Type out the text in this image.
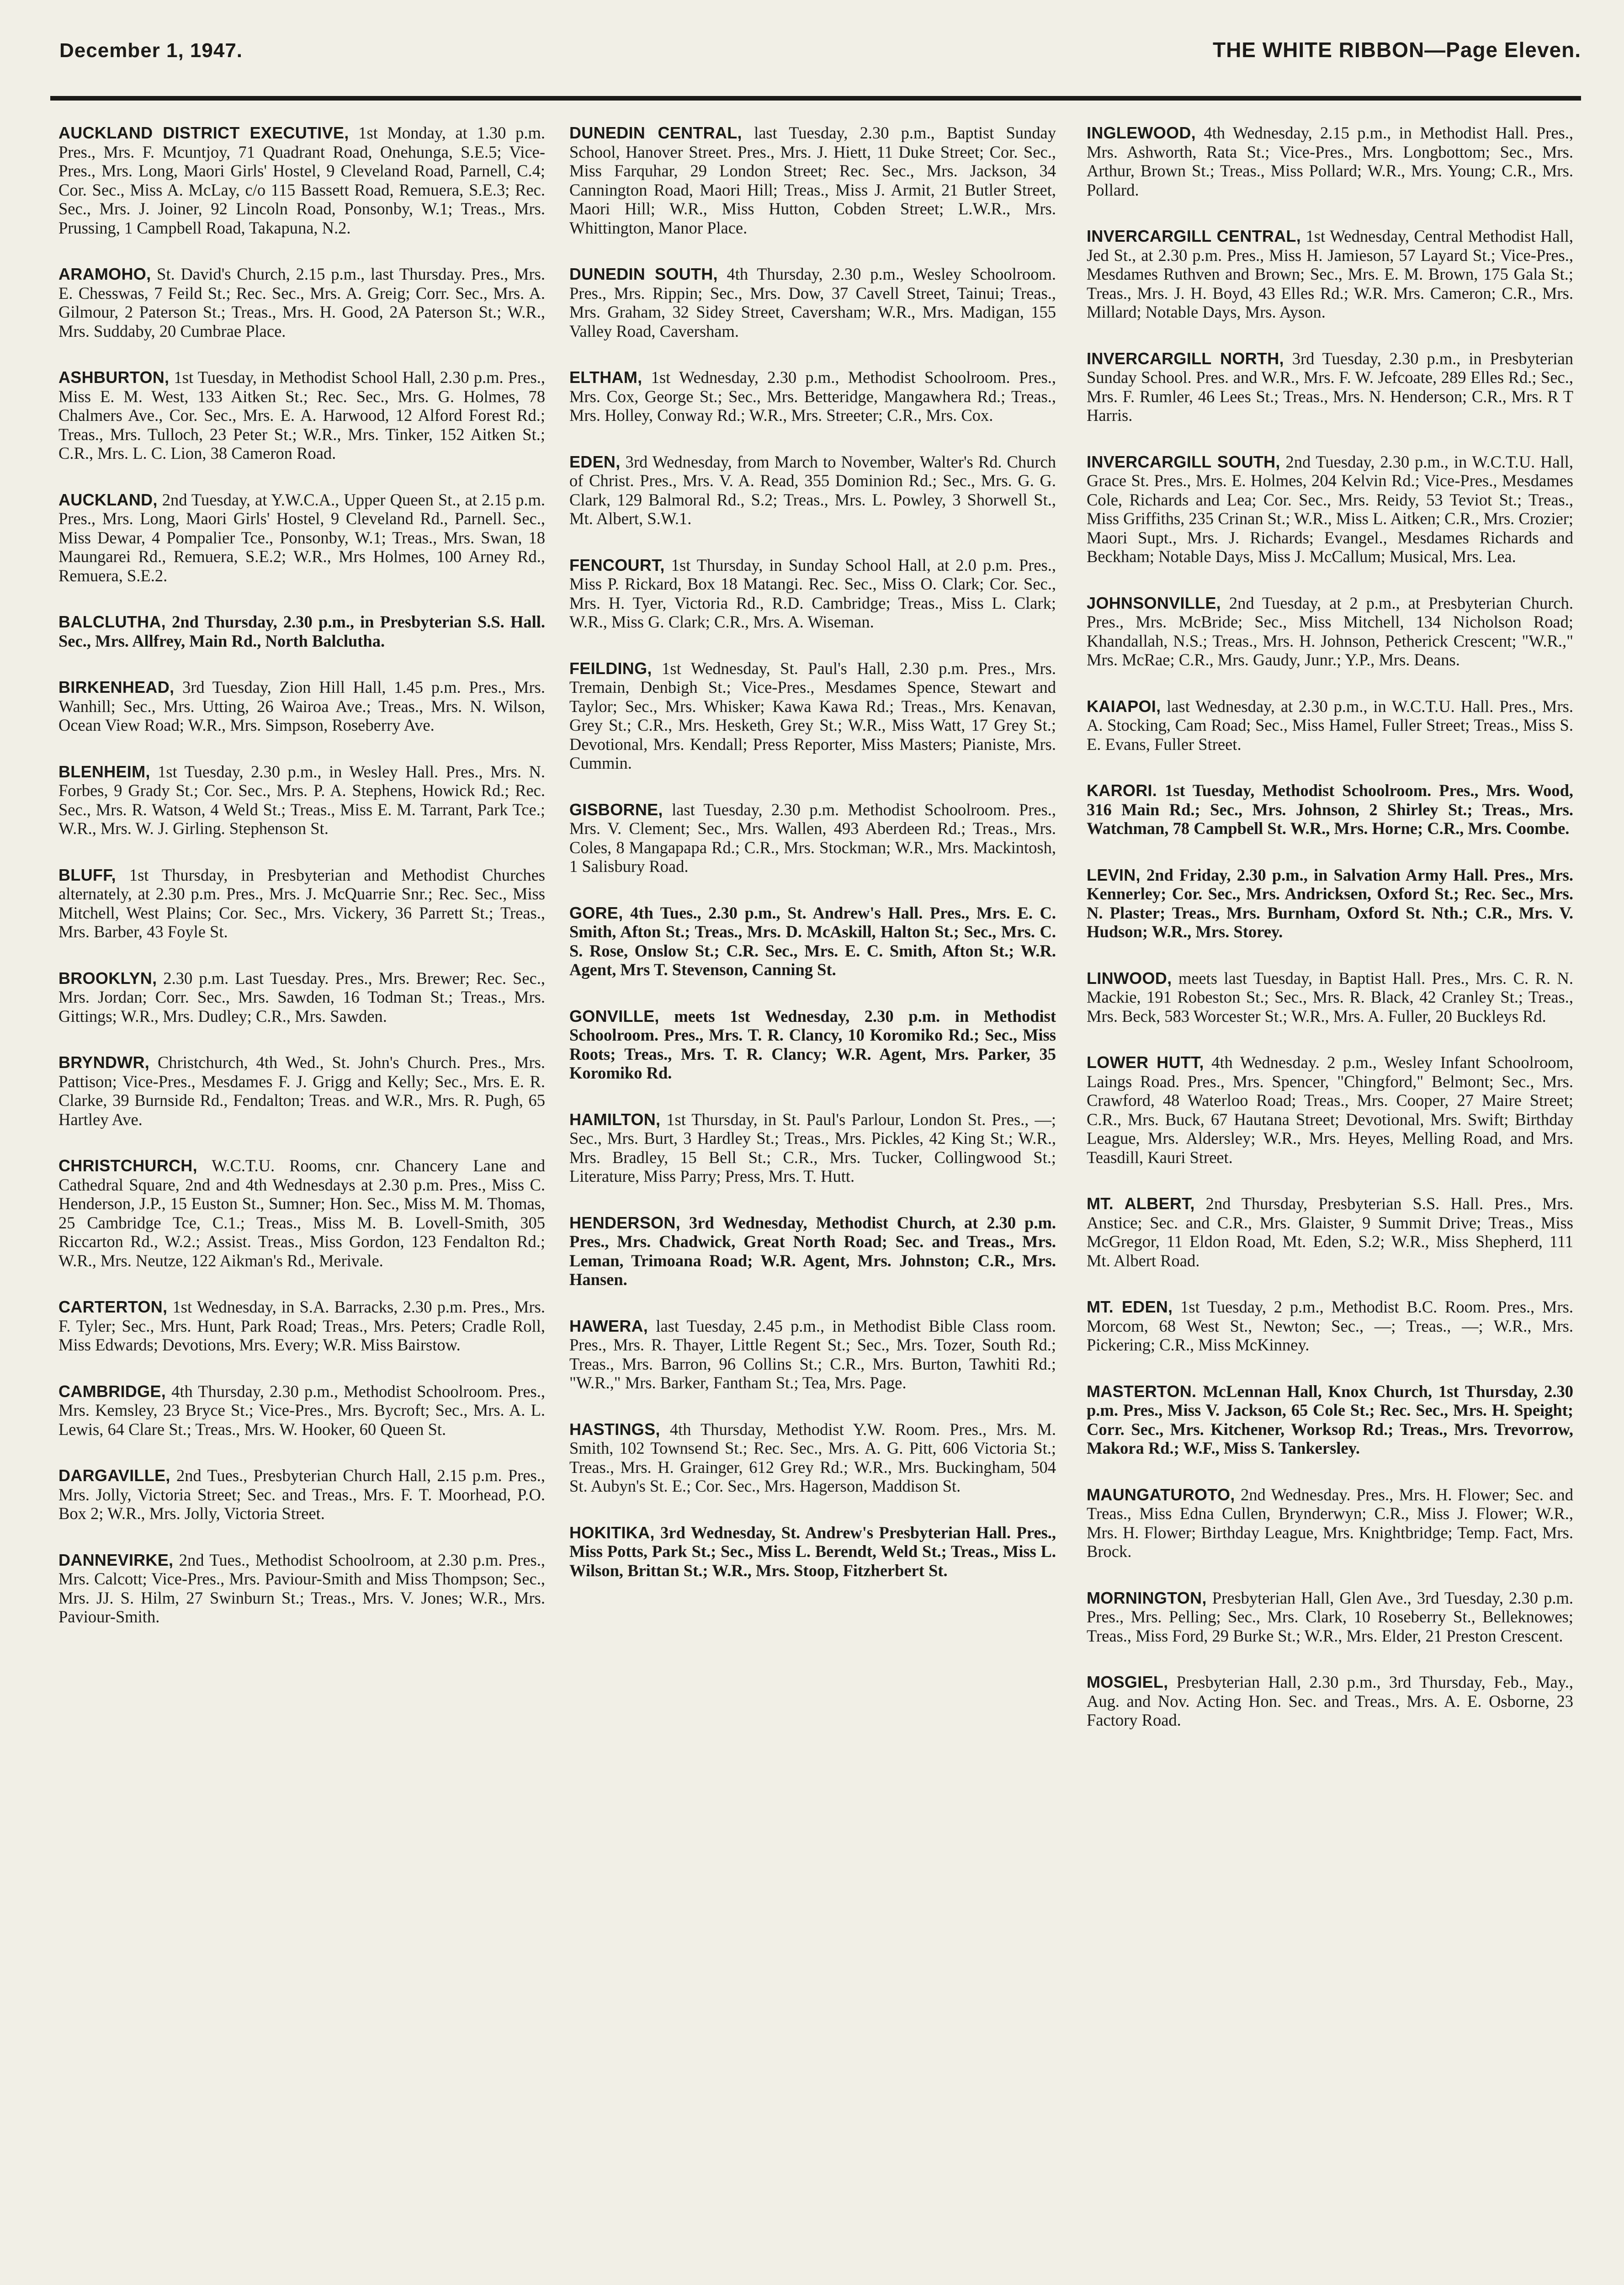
December 1, 1947.	THE WHITE RIBBON—Page Eleven.

AUCKLAND DISTRICT EXECUTIVE, 1st Monday, at 1.30 p.m. Pres., Mrs. F. Mcuntjoy, 71 Quadrant Road, Onehunga, S.E.5; Vice-Pres., Mrs. Long, Maori Girls' Hostel, 9 Cleveland Road, Parnell, C.4; Cor. Sec., Miss A. McLay, c/o 115 Bassett Road, Remuera, S.E.3; Rec. Sec., Mrs. J. Joiner, 92 Lincoln Road, Ponsonby, W.1; Treas., Mrs. Prussing, 1 Campbell Road, Takapuna, N.2.

ARAMOHO, St. David's Church, 2.15 p.m., last Thursday. Pres., Mrs. E. Chesswas, 7 Feild St.; Rec. Sec., Mrs. A. Greig; Corr. Sec., Mrs. A. Gilmour, 2 Paterson St.; Treas., Mrs. H. Good, 2A Paterson St.; W.R., Mrs. Suddaby, 20 Cumbrae Place.

ASHBURTON, 1st Tuesday, in Methodist School Hall, 2.30 p.m. Pres., Miss E. M. West, 133 Aitken St.; Rec. Sec., Mrs. G. Holmes, 78 Chalmers Ave., Cor. Sec., Mrs. E. A. Harwood, 12 Alford Forest Rd.; Treas., Mrs. Tulloch, 23 Peter St.; W.R., Mrs. Tinker, 152 Aitken St.; C.R., Mrs. L. C. Lion, 38 Cameron Road.

AUCKLAND, 2nd Tuesday, at Y.W.C.A., Upper Queen St., at 2.15 p.m. Pres., Mrs. Long, Maori Girls' Hostel, 9 Cleveland Rd., Parnell. Sec., Miss Dewar, 4 Pompalier Tce., Ponsonby, W.1; Treas., Mrs. Swan, 18 Maungarei Rd., Remuera, S.E.2; W.R., Mrs Holmes, 100 Arney Rd., Remuera, S.E.2.

BALCLUTHA, 2nd Thursday, 2.30 p.m., in Presbyterian S.S. Hall. Sec., Mrs. Allfrey, Main Rd., North Balclutha.

BIRKENHEAD, 3rd Tuesday, Zion Hill Hall, 1.45 p.m. Pres., Mrs. Wanhill; Sec., Mrs. Utting, 26 Wairoa Ave.; Treas., Mrs. N. Wilson, Ocean View Road; W.R., Mrs. Simpson, Roseberry Ave.

BLENHEIM, 1st Tuesday, 2.30 p.m., in Wesley Hall. Pres., Mrs. N. Forbes, 9 Grady St.; Cor. Sec., Mrs. P. A. Stephens, Howick Rd.; Rec. Sec., Mrs. R. Watson, 4 Weld St.; Treas., Miss E. M. Tarrant, Park Tce.; W.R., Mrs. W. J. Girling. Stephenson St.

BLUFF, 1st Thursday, in Presbyterian and Methodist Churches alternately, at 2.30 p.m. Pres., Mrs. J. McQuarrie Snr.; Rec. Sec., Miss Mitchell, West Plains; Cor. Sec., Mrs. Vickery, 36 Parrett St.; Treas., Mrs. Barber, 43 Foyle St.

BROOKLYN, 2.30 p.m. Last Tuesday. Pres., Mrs. Brewer; Rec. Sec., Mrs. Jordan; Corr. Sec., Mrs. Sawden, 16 Todman St.; Treas., Mrs. Gittings; W.R., Mrs. Dudley; C.R., Mrs. Sawden.

BRYNDWR, Christchurch, 4th Wed., St. John's Church. Pres., Mrs. Pattison; Vice-Pres., Mesdames F. J. Grigg and Kelly; Sec., Mrs. E. R. Clarke, 39 Burnside Rd., Fendalton; Treas. and W.R., Mrs. R. Pugh, 65 Hartley Ave.

CHRISTCHURCH, W.C.T.U. Rooms, cnr. Chancery Lane and Cathedral Square, 2nd and 4th Wednesdays at 2.30 p.m. Pres., Miss C. Henderson, J.P., 15 Euston St., Sumner; Hon. Sec., Miss M. M. Thomas, 25 Cambridge Tce, C.1.; Treas., Miss M. B. Lovell-Smith, 305 Riccarton Rd., W.2.; Assist. Treas., Miss Gordon, 123 Fendalton Rd.; W.R., Mrs. Neutze, 122 Aikman's Rd., Merivale.

CARTERTON, 1st Wednesday, in S.A. Barracks, 2.30 p.m. Pres., Mrs. F. Tyler; Sec., Mrs. Hunt, Park Road; Treas., Mrs. Peters; Cradle Roll, Miss Edwards; Devotions, Mrs. Every; W.R. Miss Bairstow.

CAMBRIDGE, 4th Thursday, 2.30 p.m., Methodist Schoolroom. Pres., Mrs. Kemsley, 23 Bryce St.; Vice-Pres., Mrs. Bycroft; Sec., Mrs. A. L. Lewis, 64 Clare St.; Treas., Mrs. W. Hooker, 60 Queen St.

DARGAVILLE, 2nd Tues., Presbyterian Church Hall, 2.15 p.m. Pres., Mrs. Jolly, Victoria Street; Sec. and Treas., Mrs. F. T. Moorhead, P.O. Box 2; W.R., Mrs. Jolly, Victoria Street.

DANNEVIRKE, 2nd Tues., Methodist Schoolroom, at 2.30 p.m. Pres., Mrs. Calcott; Vice-Pres., Mrs. Paviour-Smith and Miss Thompson; Sec., Mrs. JJ. S. Hilm, 27 Swinburn St.; Treas., Mrs. V. Jones; W.R., Mrs. Paviour-Smith.

DUNEDIN CENTRAL, last Tuesday, 2.30 p.m., Baptist Sunday School, Hanover Street. Pres., Mrs. J. Hiett, 11 Duke Street; Cor. Sec., Miss Farquhar, 29 London Street; Rec. Sec., Mrs. Jackson, 34 Cannington Road, Maori Hill; Treas., Miss J. Armit, 21 Butler Street, Maori Hill; W.R., Miss Hutton, Cobden Street; L.W.R., Mrs. Whittington, Manor Place.

DUNEDIN SOUTH, 4th Thursday, 2.30 p.m., Wesley Schoolroom. Pres., Mrs. Rippin; Sec., Mrs. Dow, 37 Cavell Street, Tainui; Treas., Mrs. Graham, 32 Sidey Street, Caversham; W.R., Mrs. Madigan, 155 Valley Road, Caversham.

ELTHAM, 1st Wednesday, 2.30 p.m., Methodist Schoolroom. Pres., Mrs. Cox, George St.; Sec., Mrs. Betteridge, Mangawhera Rd.; Treas., Mrs. Holley, Conway Rd.; W.R., Mrs. Streeter; C.R., Mrs. Cox.

EDEN, 3rd Wednesday, from March to November, Walter's Rd. Church of Christ. Pres., Mrs. V. A. Read, 355 Dominion Rd.; Sec., Mrs. G. G. Clark, 129 Balmoral Rd., S.2; Treas., Mrs. L. Powley, 3 Shorwell St., Mt. Albert, S.W.1.

FENCOURT, 1st Thursday, in Sunday School Hall, at 2.0 p.m. Pres., Miss P. Rickard, Box 18 Matangi. Rec. Sec., Miss O. Clark; Cor. Sec., Mrs. H. Tyer, Victoria Rd., R.D. Cambridge; Treas., Miss L. Clark; W.R., Miss G. Clark; C.R., Mrs. A. Wiseman.

FEILDING, 1st Wednesday, St. Paul's Hall, 2.30 p.m. Pres., Mrs. Tremain, Denbigh St.; Vice-Pres., Mesdames Spence, Stewart and Taylor; Sec., Mrs. Whisker; Kawa Kawa Rd.; Treas., Mrs. Kenavan, Grey St.; C.R., Mrs. Hesketh, Grey St.; W.R., Miss Watt, 17 Grey St.; Devotional, Mrs. Kendall; Press Reporter, Miss Masters; Pianiste, Mrs. Cummin.

GISBORNE, last Tuesday, 2.30 p.m. Methodist Schoolroom. Pres., Mrs. V. Clement; Sec., Mrs. Wallen, 493 Aberdeen Rd.; Treas., Mrs. Coles, 8 Mangapapa Rd.; C.R., Mrs. Stockman; W.R., Mrs. Mackintosh, 1 Salisbury Road.

GORE, 4th Tues., 2.30 p.m., St. Andrew's Hall. Pres., Mrs. E. C. Smith, Afton St.; Treas., Mrs. D. McAskill, Halton St.; Sec., Mrs. C. S. Rose, Onslow St.; C.R. Sec., Mrs. E. C. Smith, Afton St.; W.R. Agent, Mrs T. Stevenson, Canning St.

GONVILLE, meets 1st Wednesday, 2.30 p.m. in Methodist Schoolroom. Pres., Mrs. T. R. Clancy, 10 Koromiko Rd.; Sec., Miss Roots; Treas., Mrs. T. R. Clancy; W.R. Agent, Mrs. Parker, 35 Koromiko Rd.

HAMILTON, 1st Thursday, in St. Paul's Parlour, London St. Pres., —; Sec., Mrs. Burt, 3 Hardley St.; Treas., Mrs. Pickles, 42 King St.; W.R., Mrs. Bradley, 15 Bell St.; C.R., Mrs. Tucker, Collingwood St.; Literature, Miss Parry; Press, Mrs. T. Hutt.

HENDERSON, 3rd Wednesday, Methodist Church, at 2.30 p.m. Pres., Mrs. Chadwick, Great North Road; Sec. and Treas., Mrs. Leman, Trimoana Road; W.R. Agent, Mrs. Johnston; C.R., Mrs. Hansen.

HAWERA, last Tuesday, 2.45 p.m., in Methodist Bible Class room. Pres., Mrs. R. Thayer, Little Regent St.; Sec., Mrs. Tozer, South Rd.; Treas., Mrs. Barron, 96 Collins St.; C.R., Mrs. Burton, Tawhiti Rd.; "W.R.," Mrs. Barker, Fantham St.; Tea, Mrs. Page.

HASTINGS, 4th Thursday, Methodist Y.W. Room. Pres., Mrs. M. Smith, 102 Townsend St.; Rec. Sec., Mrs. A. G. Pitt, 606 Victoria St.; Treas., Mrs. H. Grainger, 612 Grey Rd.; W.R., Mrs. Buckingham, 504 St. Aubyn's St. E.; Cor. Sec., Mrs. Hagerson, Maddison St.

HOKITIKA, 3rd Wednesday, St. Andrew's Presbyterian Hall. Pres., Miss Potts, Park St.; Sec., Miss L. Berendt, Weld St.; Treas., Miss L. Wilson, Brittan St.; W.R., Mrs. Stoop, Fitzherbert St.

INGLEWOOD, 4th Wednesday, 2.15 p.m., in Methodist Hall. Pres., Mrs. Ashworth, Rata St.; Vice-Pres., Mrs. Longbottom; Sec., Mrs. Arthur, Brown St.; Treas., Miss Pollard; W.R., Mrs. Young; C.R., Mrs. Pollard.

INVERCARGILL CENTRAL, 1st Wednesday, Central Methodist Hall, Jed St., at 2.30 p.m. Pres., Miss H. Jamieson, 57 Layard St.; Vice-Pres., Mesdames Ruthven and Brown; Sec., Mrs. E. M. Brown, 175 Gala St.; Treas., Mrs. J. H. Boyd, 43 Elles Rd.; W.R. Mrs. Cameron; C.R., Mrs. Millard; Notable Days, Mrs. Ayson.

INVERCARGILL NORTH, 3rd Tuesday, 2.30 p.m., in Presbyterian Sunday School. Pres. and W.R., Mrs. F. W. Jefcoate, 289 Elles Rd.; Sec., Mrs. F. Rumler, 46 Lees St.; Treas., Mrs. N. Henderson; C.R., Mrs. R T Harris.

INVERCARGILL SOUTH, 2nd Tuesday, 2.30 p.m., in W.C.T.U. Hall, Grace St. Pres., Mrs. E. Holmes, 204 Kelvin Rd.; Vice-Pres., Mesdames Cole, Richards and Lea; Cor. Sec., Mrs. Reidy, 53 Teviot St.; Treas., Miss Griffiths, 235 Crinan St.; W.R., Miss L. Aitken; C.R., Mrs. Crozier; Maori Supt., Mrs. J. Richards; Evangel., Mesdames Richards and Beckham; Notable Days, Miss J. McCallum; Musical, Mrs. Lea.

JOHNSONVILLE, 2nd Tuesday, at 2 p.m., at Presbyterian Church. Pres., Mrs. McBride; Sec., Miss Mitchell, 134 Nicholson Road; Khandallah, N.S.; Treas., Mrs. H. Johnson, Petherick Crescent; "W.R.," Mrs. McRae; C.R., Mrs. Gaudy, Junr.; Y.P., Mrs. Deans.

KAIAPOI, last Wednesday, at 2.30 p.m., in W.C.T.U. Hall. Pres., Mrs. A. Stocking, Cam Road; Sec., Miss Hamel, Fuller Street; Treas., Miss S. E. Evans, Fuller Street.

KARORI. 1st Tuesday, Methodist Schoolroom. Pres., Mrs. Wood, 316 Main Rd.; Sec., Mrs. Johnson, 2 Shirley St.; Treas., Mrs. Watchman, 78 Campbell St. W.R., Mrs. Horne; C.R., Mrs. Coombe.

LEVIN, 2nd Friday, 2.30 p.m., in Salvation Army Hall. Pres., Mrs. Kennerley; Cor. Sec., Mrs. Andricksen, Oxford St.; Rec. Sec., Mrs. N. Plaster; Treas., Mrs. Burnham, Oxford St. Nth.; C.R., Mrs. V. Hudson; W.R., Mrs. Storey.

LINWOOD, meets last Tuesday, in Baptist Hall. Pres., Mrs. C. R. N. Mackie, 191 Robeston St.; Sec., Mrs. R. Black, 42 Cranley St.; Treas., Mrs. Beck, 583 Worcester St.; W.R., Mrs. A. Fuller, 20 Buckleys Rd.

LOWER HUTT, 4th Wednesday. 2 p.m., Wesley Infant Schoolroom, Laings Road. Pres., Mrs. Spencer, "Chingford," Belmont; Sec., Mrs. Crawford, 48 Waterloo Road; Treas., Mrs. Cooper, 27 Maire Street; C.R., Mrs. Buck, 67 Hautana Street; Devotional, Mrs. Swift; Birthday League, Mrs. Aldersley; W.R., Mrs. Heyes, Melling Road, and Mrs. Teasdill, Kauri Street.

MT. ALBERT, 2nd Thursday, Presbyterian S.S. Hall. Pres., Mrs. Anstice; Sec. and C.R., Mrs. Glaister, 9 Summit Drive; Treas., Miss McGregor, 11 Eldon Road, Mt. Eden, S.2; W.R., Miss Shepherd, 111 Mt. Albert Road.

MT. EDEN, 1st Tuesday, 2 p.m., Methodist B.C. Room. Pres., Mrs. Morcom, 68 West St., Newton; Sec., —; Treas., —; W.R., Mrs. Pickering; C.R., Miss McKinney.

MASTERTON. McLennan Hall, Knox Church, 1st Thursday, 2.30 p.m. Pres., Miss V. Jackson, 65 Cole St.; Rec. Sec., Mrs. H. Speight; Corr. Sec., Mrs. Kitchener, Worksop Rd.; Treas., Mrs. Trevorrow, Makora Rd.; W.F., Miss S. Tankersley.

MAUNGATUROTO, 2nd Wednesday. Pres., Mrs. H. Flower; Sec. and Treas., Miss Edna Cullen, Brynderwyn; C.R., Miss J. Flower; W.R., Mrs. H. Flower; Birthday League, Mrs. Knightbridge; Temp. Fact, Mrs. Brock.

MORNINGTON, Presbyterian Hall, Glen Ave., 3rd Tuesday, 2.30 p.m. Pres., Mrs. Pelling; Sec., Mrs. Clark, 10 Roseberry St., Belleknowes; Treas., Miss Ford, 29 Burke St.; W.R., Mrs. Elder, 21 Preston Crescent.

MOSGIEL, Presbyterian Hall, 2.30 p.m., 3rd Thursday, Feb., May., Aug. and Nov. Acting Hon. Sec. and Treas., Mrs. A. E. Osborne, 23 Factory Road.
